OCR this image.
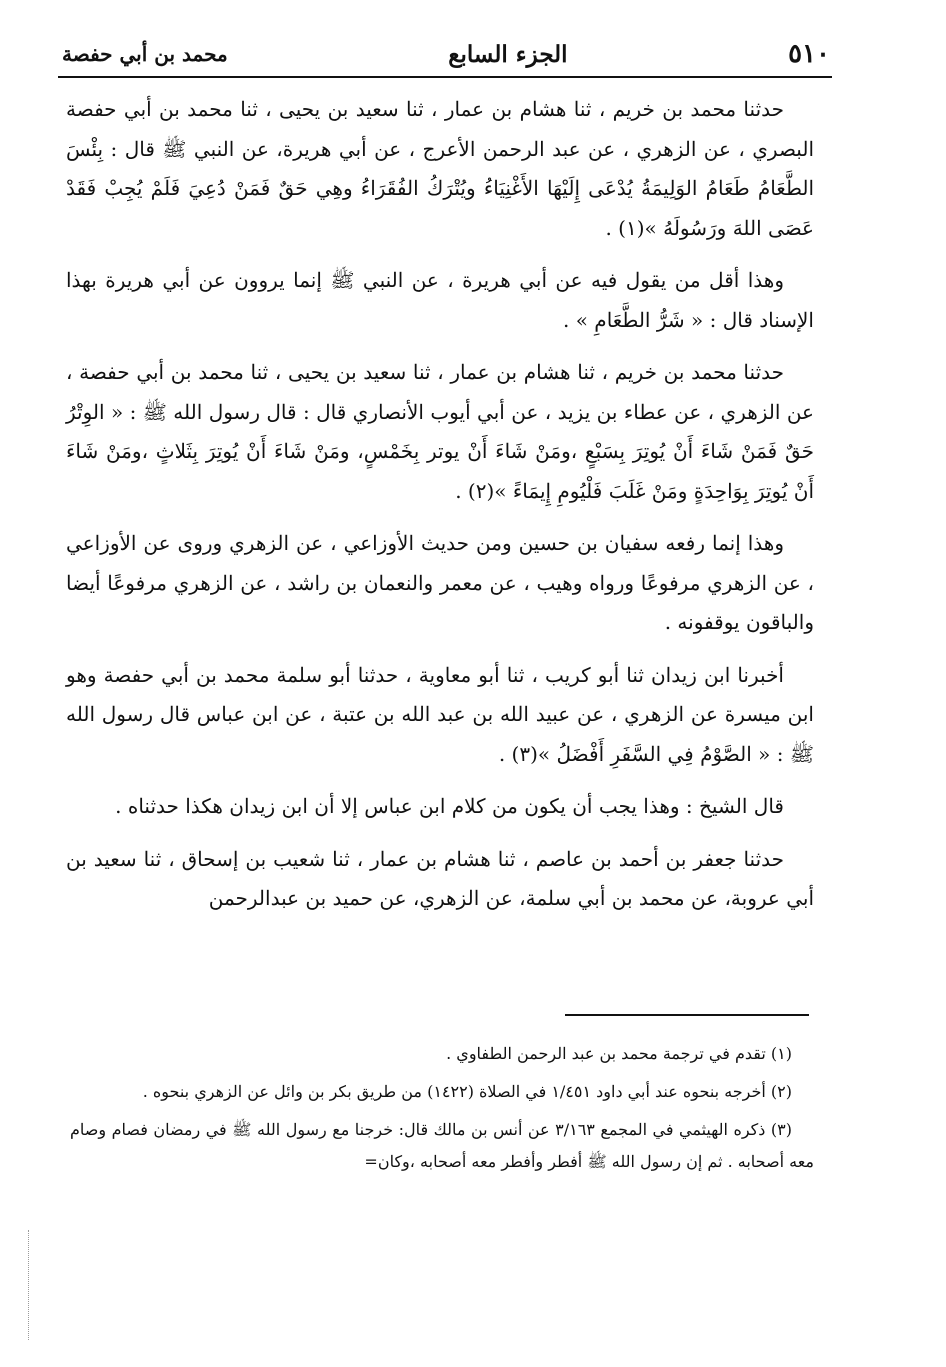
٥١٠
الجزء السابع
محمد بن أبي حفصة

حدثنا محمد بن خريم ، ثنا هشام بن عمار ، ثنا سعيد بن يحيى ، ثنا محمد بن أبي حفصة البصري ، عن الزهري ، عن عبد الرحمن الأعرج ، عن أبي هريرة، عن النبي ﷺ قال : بِئْسَ الطَّعَامُ طَعَامُ الوَلِيمَةُ يُدْعَى إِلَيْهَا الأَغْنِيَاءُ ويُتْرَكُ الفُقَرَاءُ وهِي حَقٌ فَمَنْ دُعِيَ فَلَمْ يُجِبْ فَقَدْ عَصَى اللهَ ورَسُولَهُ »(١) .

وهذا أقل من يقول فيه عن أبي هريرة ، عن النبي ﷺ إنما يروون عن أبي هريرة بهذا الإسناد قال : « شَرُّ الطَّعَامِ » .

حدثنا محمد بن خريم ، ثنا هشام بن عمار ، ثنا سعيد بن يحيى ، ثنا محمد بن أبي حفصة ، عن الزهري ، عن عطاء بن يزيد ، عن أبي أيوب الأنصاري قال : قال رسول الله ﷺ : « الوِتْرُ حَقٌ فَمَنْ شَاءَ أَنْ يُوتِرَ بِسَبْعٍ ،ومَنْ شَاءَ أَنْ يوتر بِخَمْسٍ، ومَنْ شَاءَ أَنْ يُوتِرَ بِثَلاثٍ ،ومَنْ شَاءَ أَنْ يُوتِرَ بِوَاحِدَةٍ ومَنْ غَلَبَ فَلْيُومِ إِيمَاءً »(٢) .

وهذا إنما رفعه سفيان بن حسين ومن حديث الأوزاعي ، عن الزهري وروى عن الأوزاعي ، عن الزهري مرفوعًا ورواه وهيب ، عن معمر والنعمان بن راشد ، عن الزهري مرفوعًا أيضا والباقون يوقفونه .

أخبرنا ابن زيدان ثنا أبو كريب ، ثنا أبو معاوية ، حدثنا أبو سلمة محمد بن أبي حفصة وهو ابن ميسرة عن الزهري ، عن عبيد الله بن عبد الله بن عتبة ، عن ابن عباس قال رسول الله ﷺ : « الصَّوْمُ فِي السَّفَرِ أَفْضَلُ »(٣) .

قال الشيخ : وهذا يجب أن يكون من كلام ابن عباس إلا أن ابن زيدان هكذا حدثناه .

حدثنا جعفر بن أحمد بن عاصم ، ثنا هشام بن عمار ، ثنا شعيب بن إسحاق ، ثنا سعيد بن أبي عروبة، عن محمد بن أبي سلمة، عن الزهري، عن حميد بن عبدالرحمن

(١) تقدم في ترجمة محمد بن عبد الرحمن الطفاوي .

(٢) أخرجه بنحوه عند أبي داود ١/٤٥١ في الصلاة (١٤٢٢) من طريق بكر بن وائل عن الزهري بنحوه .

(٣) ذكره الهيثمي في المجمع ٣/١٦٣ عن أنس بن مالك قال: خرجنا مع رسول الله ﷺ في رمضان فصام وصام معه أصحابه . ثم إن رسول الله ﷺ أفطر وأفطر معه أصحابه ،وكان=
